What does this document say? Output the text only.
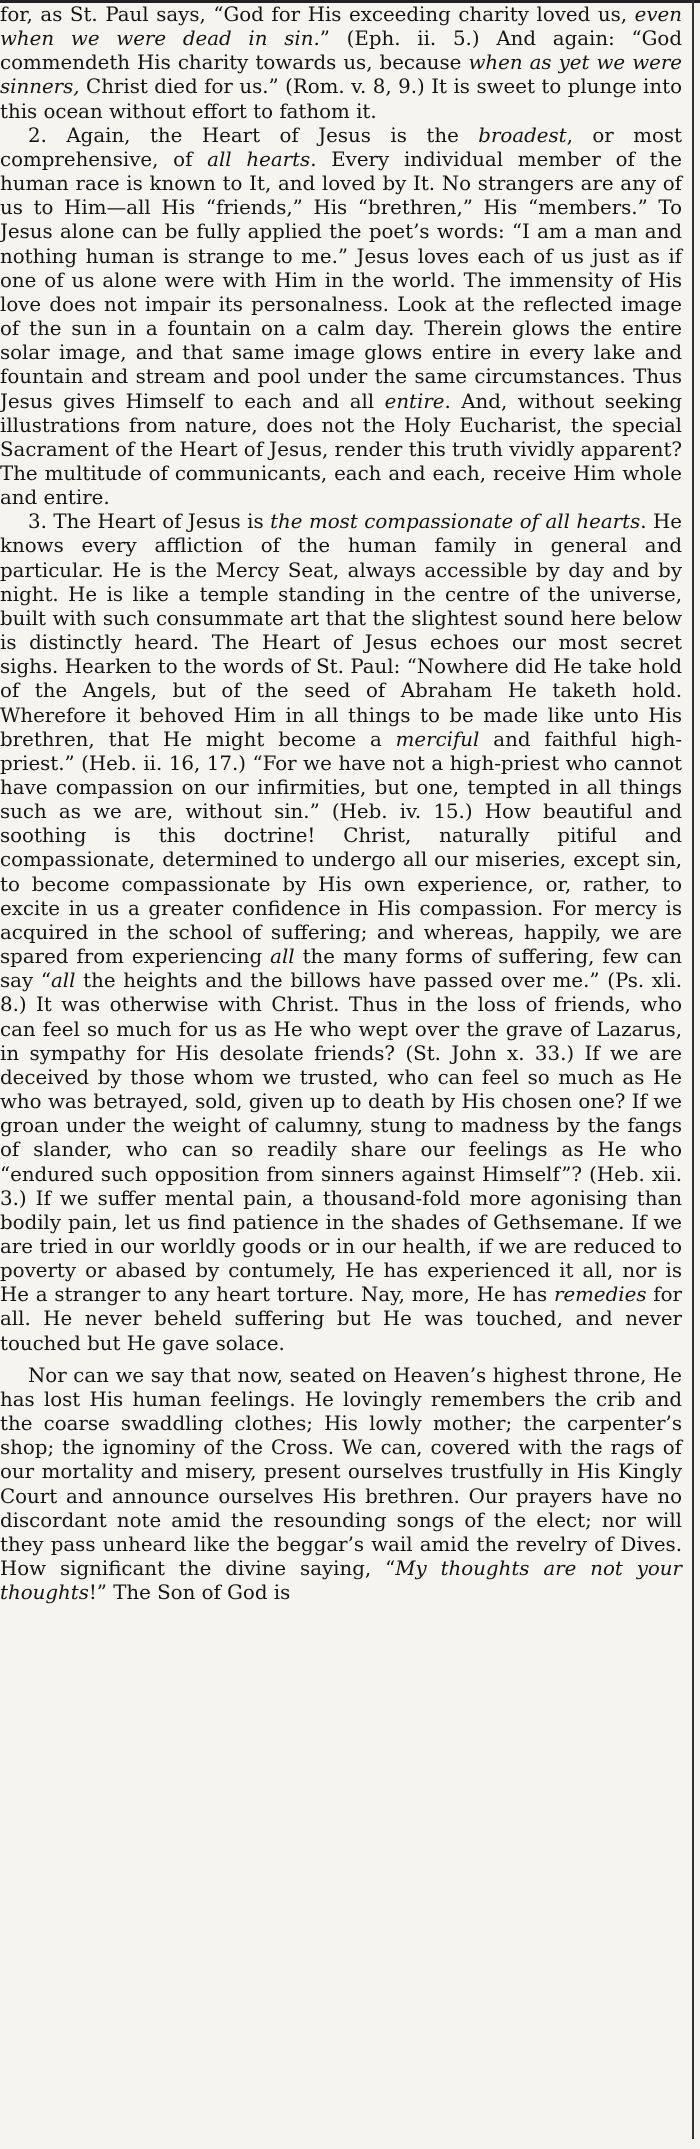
for, as St. Paul says, “God for His exceeding charity loved us, even when we were dead in sin.” (Eph. ii. 5.) And again: “God commendeth His charity towards us, because when as yet we were sinners, Christ died for us.” (Rom. v. 8, 9.) It is sweet to plunge into this ocean without effort to fathom it.

2. Again, the Heart of Jesus is the broadest, or most comprehensive, of all hearts. Every individual member of the human race is known to It, and loved by It. No strangers are any of us to Him—all His “friends,” His “brethren,” His “members.” To Jesus alone can be fully applied the poet’s words: “I am a man and nothing human is strange to me.” Jesus loves each of us just as if one of us alone were with Him in the world. The immensity of His love does not impair its personalness. Look at the reflected image of the sun in a fountain on a calm day. Therein glows the entire solar image, and that same image glows entire in every lake and fountain and stream and pool under the same circumstances. Thus Jesus gives Himself to each and all entire. And, without seeking illustrations from nature, does not the Holy Eucharist, the special Sacrament of the Heart of Jesus, render this truth vividly apparent? The multitude of communicants, each and each, receive Him whole and entire.

3. The Heart of Jesus is the most compassionate of all hearts. He knows every affliction of the human family in general and particular. He is the Mercy Seat, always accessible by day and by night. He is like a temple standing in the centre of the universe, built with such consummate art that the slightest sound here below is distinctly heard. The Heart of Jesus echoes our most secret sighs. Hearken to the words of St. Paul: “Nowhere did He take hold of the Angels, but of the seed of Abraham He taketh hold. Wherefore it behoved Him in all things to be made like unto His brethren, that He might become a merciful and faithful high-priest.” (Heb. ii. 16, 17.) “For we have not a high-priest who cannot have compassion on our infirmities, but one, tempted in all things such as we are, without sin.” (Heb. iv. 15.) How beautiful and soothing is this doctrine! Christ, naturally pitiful and compassionate, determined to undergo all our miseries, except sin, to become compassionate by His own experience, or, rather, to excite in us a greater confidence in His compassion. For mercy is acquired in the school of suffering; and whereas, happily, we are spared from experiencing all the many forms of suffering, few can say “all the heights and the billows have passed over me.” (Ps. xli. 8.) It was otherwise with Christ. Thus in the loss of friends, who can feel so much for us as He who wept over the grave of Lazarus, in sympathy for His desolate friends? (St. John x. 33.) If we are deceived by those whom we trusted, who can feel so much as He who was betrayed, sold, given up to death by His chosen one? If we groan under the weight of calumny, stung to madness by the fangs of slander, who can so readily share our feelings as He who “endured such opposition from sinners against Himself”? (Heb. xii. 3.) If we suffer mental pain, a thousand-fold more agonising than bodily pain, let us find patience in the shades of Gethsemane. If we are tried in our worldly goods or in our health, if we are reduced to poverty or abased by contumely, He has experienced it all, nor is He a stranger to any heart torture. Nay, more, He has remedies for all. He never beheld suffering but He was touched, and never touched but He gave solace.

Nor can we say that now, seated on Heaven’s highest throne, He has lost His human feelings. He lovingly remembers the crib and the coarse swaddling clothes; His lowly mother; the carpenter’s shop; the ignominy of the Cross. We can, covered with the rags of our mortality and misery, present ourselves trustfully in His Kingly Court and announce ourselves His brethren. Our prayers have no discordant note amid the resounding songs of the elect; nor will they pass unheard like the beggar’s wail amid the revelry of Dives. How significant the divine saying, “My thoughts are not your thoughts!” The Son of God is
